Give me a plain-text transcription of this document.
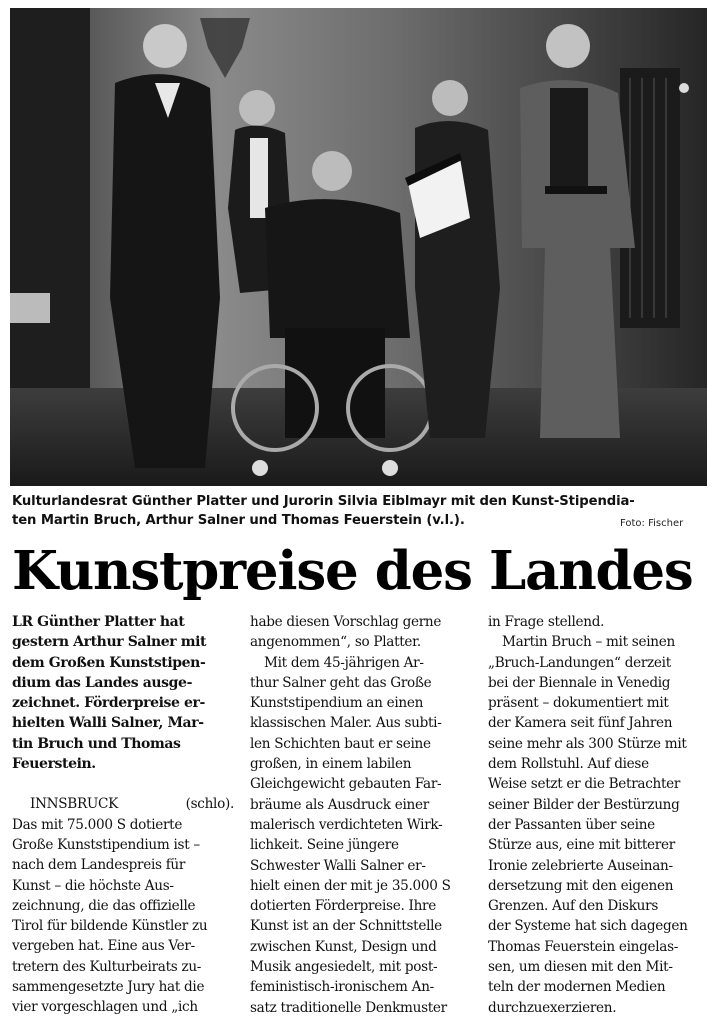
Kulturlandesrat Günther Platter und Jurorin Silvia Eiblmayr mit den Kunst-Stipendia-
ten Martin Bruch, Arthur Salner und Thomas Feuerstein (v.l.).	Foto: Fischer
Kunstpreise des Landes
LR Günther Platter hat
gestern Arthur Salner mit
dem Großen Kunststipen-
dium das Landes ausge-
zeichnet. Förderpreise er-
hielten Walli Salner, Mar-
tin Bruch und Thomas
Feuerstein.
INNSBRUCK	(schlo).
Das mit 75.000 S dotierte
Große Kunststipendium ist –
nach dem Landespreis für
Kunst – die höchste Aus-
zeichnung, die das offizielle
Tirol für bildende Künstler zu
vergeben hat. Eine aus Ver-
tretern des Kulturbeirats zu-
sammengesetzte Jury hat die
vier vorgeschlagen und „ich
habe diesen Vorschlag gerne
angenommen“, so Platter.
Mit dem 45-jährigen Ar-
thur Salner geht das Große
Kunststipendium an einen
klassischen Maler. Aus subti-
len Schichten baut er seine
großen, in einem labilen
Gleichgewicht gebauten Far-
bräume als Ausdruck einer
malerisch verdichteten Wirk-
lichkeit. Seine jüngere
Schwester Walli Salner er-
hielt einen der mit je 35.000 S
dotierten Förderpreise. Ihre
Kunst ist an der Schnittstelle
zwischen Kunst, Design und
Musik angesiedelt, mit post-
feministisch-ironischem An-
satz traditionelle Denkmuster
in Frage stellend.
Martin Bruch – mit seinen
„Bruch-Landungen“ derzeit
bei der Biennale in Venedig
präsent – dokumentiert mit
der Kamera seit fünf Jahren
seine mehr als 300 Stürze mit
dem Rollstuhl. Auf diese
Weise setzt er die Betrachter
seiner Bilder der Bestürzung
der Passanten über seine
Stürze aus, eine mit bitterer
Ironie zelebrierte Auseinan-
dersetzung mit den eigenen
Grenzen. Auf den Diskurs
der Systeme hat sich dagegen
Thomas Feuerstein eingelas-
sen, um diesen mit den Mit-
teln der modernen Medien
durchzuexerzieren.
